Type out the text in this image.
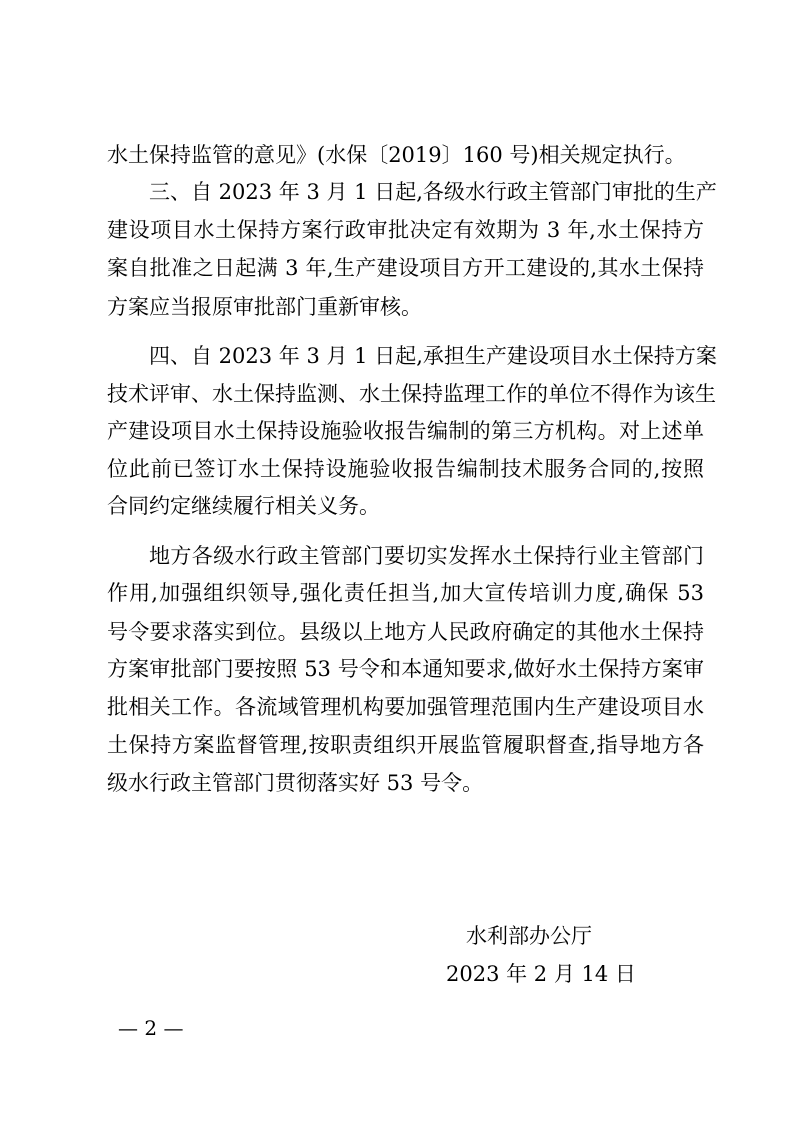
水土保持监管的意见》(水保〔2019〕160 号)相关规定执行。
三、自 2023 年 3 月 1 日起,各级水行政主管部门审批的生产
建设项目水土保持方案行政审批决定有效期为 3 年,水土保持方
案自批准之日起满 3 年,生产建设项目方开工建设的,其水土保持
方案应当报原审批部门重新审核。
四、自 2023 年 3 月 1 日起,承担生产建设项目水土保持方案
技术评审、水土保持监测、水土保持监理工作的单位不得作为该生
产建设项目水土保持设施验收报告编制的第三方机构。对上述单
位此前已签订水土保持设施验收报告编制技术服务合同的,按照
合同约定继续履行相关义务。
地方各级水行政主管部门要切实发挥水土保持行业主管部门
作用,加强组织领导,强化责任担当,加大宣传培训力度,确保 53
号令要求落实到位。县级以上地方人民政府确定的其他水土保持
方案审批部门要按照 53 号令和本通知要求,做好水土保持方案审
批相关工作。各流域管理机构要加强管理范围内生产建设项目水
土保持方案监督管理,按职责组织开展监管履职督查,指导地方各
级水行政主管部门贯彻落实好 53 号令。
水利部办公厅
2023 年 2 月 14 日
— 2 —
